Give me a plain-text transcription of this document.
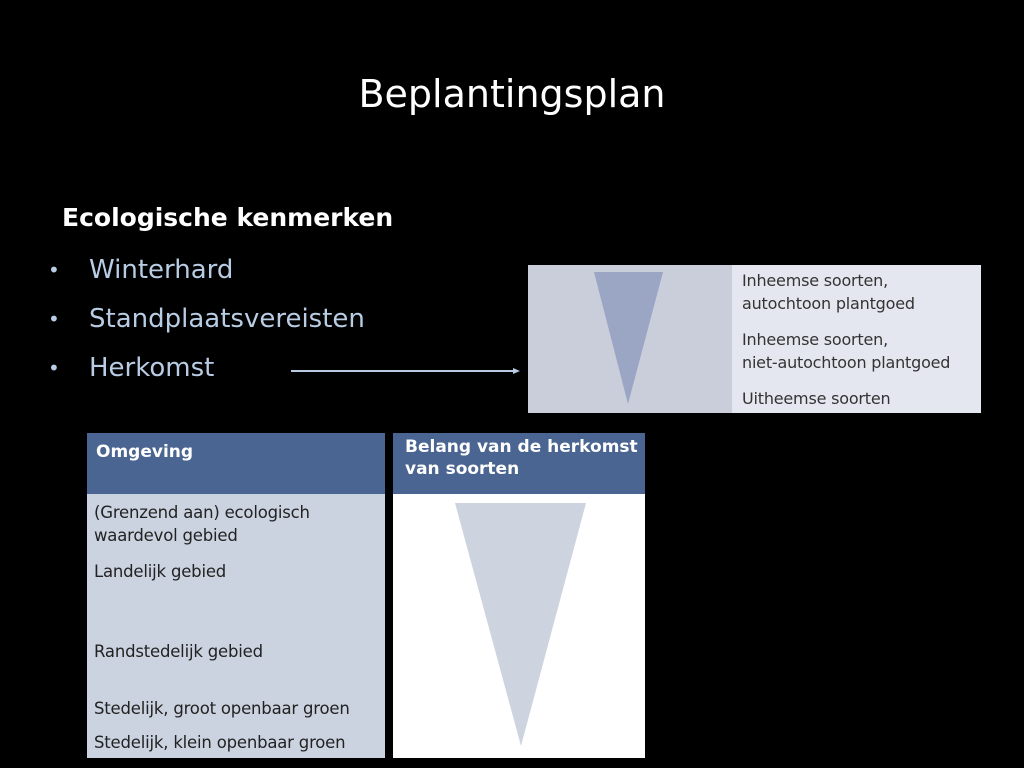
Beplantingsplan
Ecologische kenmerken
• Winterhard
• Standplaatsvereisten
• Herkomst
Inheemse soorten,
autochtoon plantgoed
Inheemse soorten,
niet-autochtoon plantgoed
Uitheemse soorten
Omgeving
(Grenzend aan) ecologisch
waardevol gebied
Landelijk gebied
Randstedelijk gebied
Stedelijk, groot openbaar groen
Stedelijk, klein openbaar groen
Belang van de herkomst
van soorten
